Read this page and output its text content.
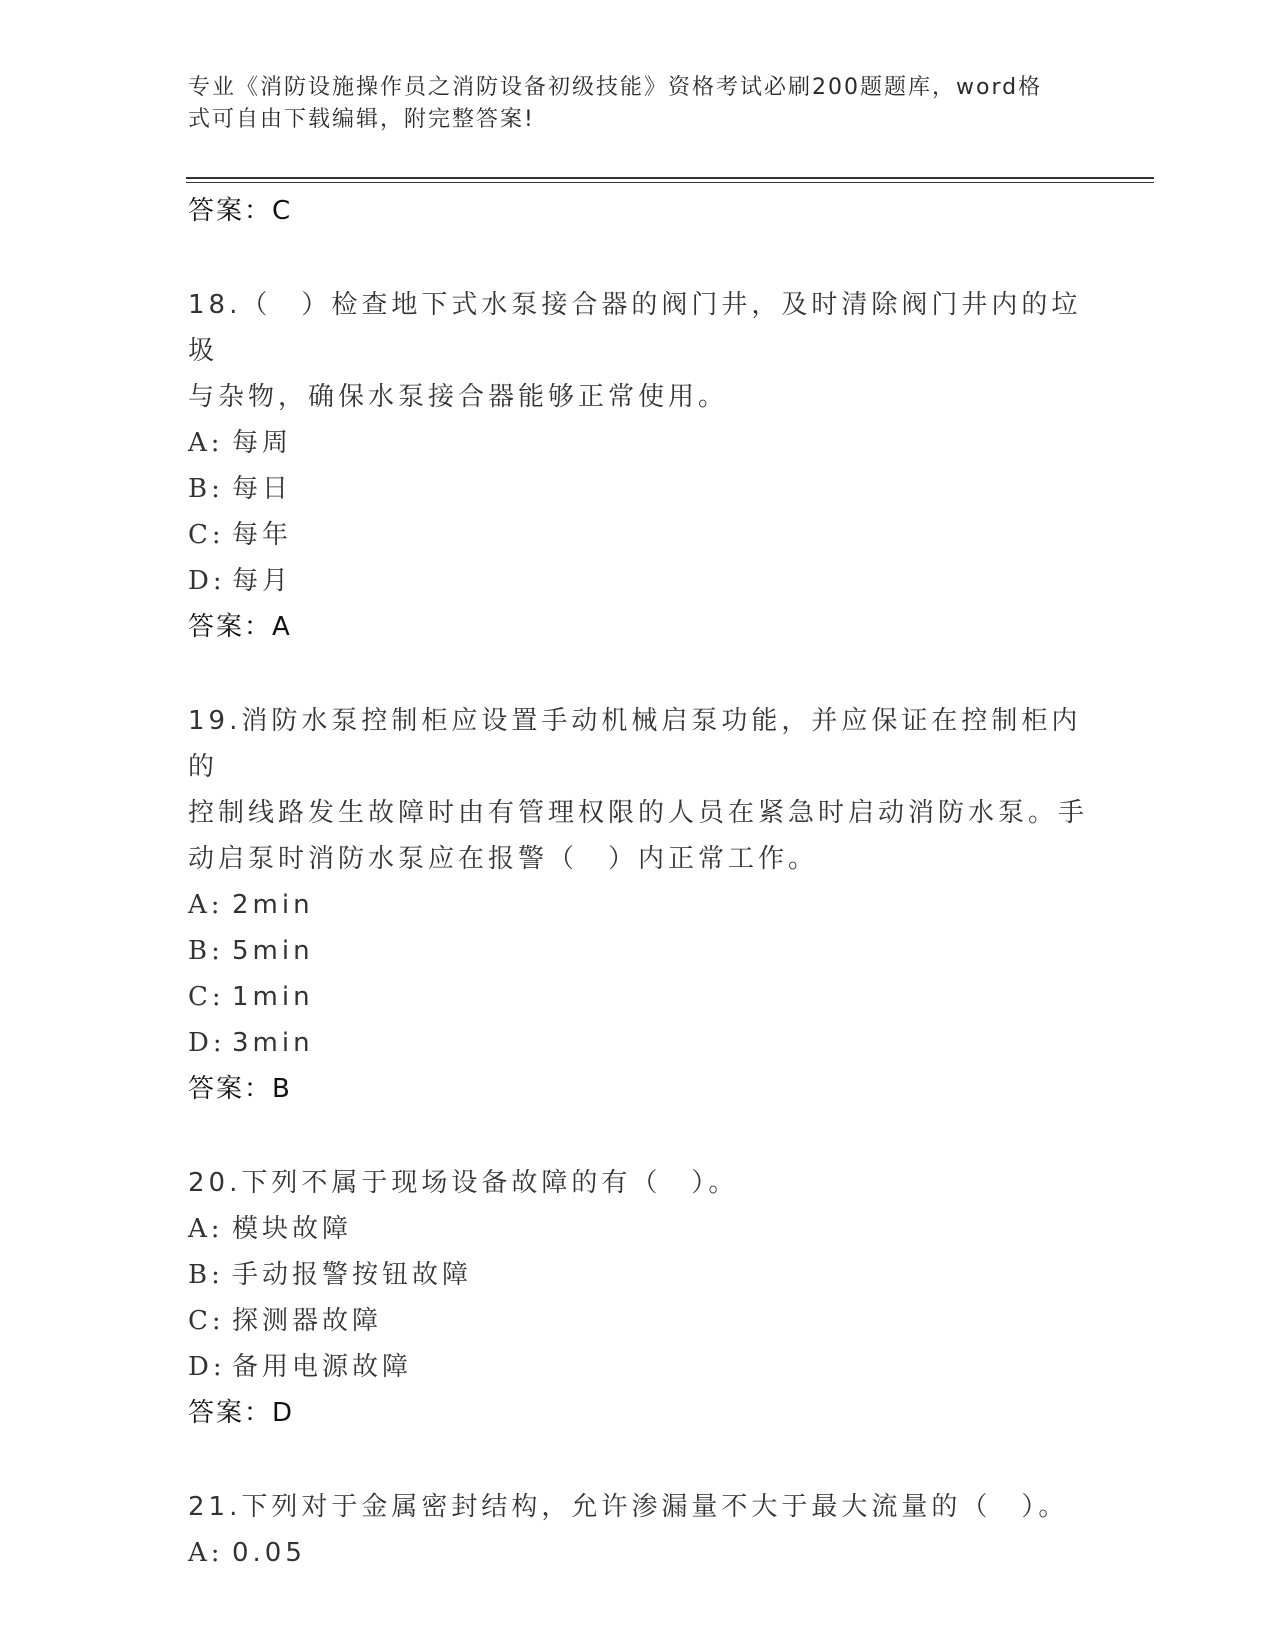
专业《消防设施操作员之消防设备初级技能》资格考试必刷200题题库，word格
式可自由下载编辑，附完整答案!
答案：C

18.（　）检查地下式水泵接合器的阀门井，及时清除阀门井内的垃圾

与杂物，确保水泵接合器能够正常使用。

A: 每周
B: 每日
C: 每年
D: 每月
答案：A

19.消防水泵控制柜应设置手动机械启泵功能，并应保证在控制柜内的

控制线路发生故障时由有管理权限的人员在紧急时启动消防水泵。手

动启泵时消防水泵应在报警（　）内正常工作。

A: 2min
B: 5min
C: 1min
D: 3min
答案：B

20.下列不属于现场设备故障的有（　）。

A: 模块故障
B: 手动报警按钮故障
C: 探测器故障
D: 备用电源故障
答案：D

21.下列对于金属密封结构，允许渗漏量不大于最大流量的（　）。

A: 0.05
